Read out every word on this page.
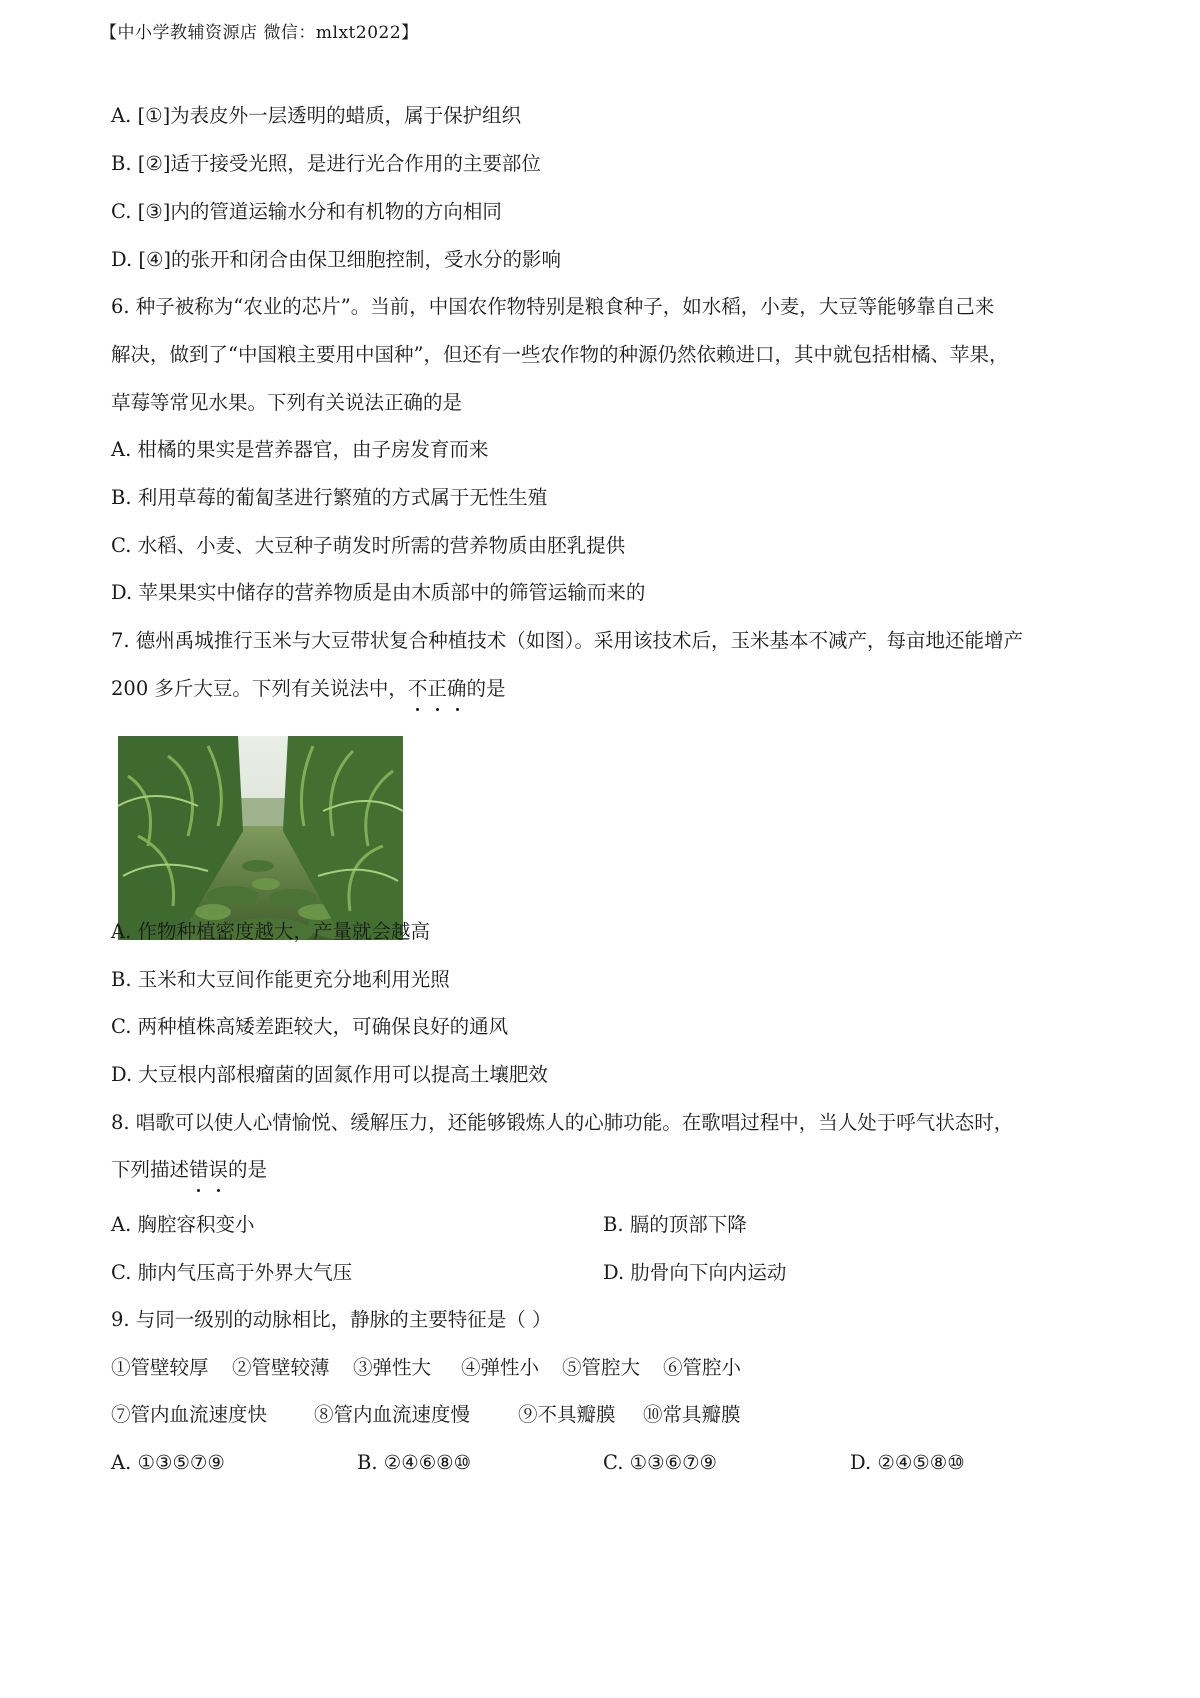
【中小学教辅资源店 微信：mlxt2022】
A. [①]为表皮外一层透明的蜡质，属于保护组织
B. [②]适于接受光照，是进行光合作用的主要部位
C. [③]内的管道运输水分和有机物的方向相同
D. [④]的张开和闭合由保卫细胞控制，受水分的影响
6. 种子被称为“农业的芯片”。当前，中国农作物特别是粮食种子，如水稻，小麦，大豆等能够靠自己来
解决，做到了“中国粮主要用中国种”，但还有一些农作物的种源仍然依赖进口，其中就包括柑橘、苹果，
草莓等常见水果。下列有关说法正确的是
A. 柑橘的果实是营养器官，由子房发育而来
B. 利用草莓的葡匐茎进行繁殖的方式属于无性生殖
C. 水稻、小麦、大豆种子萌发时所需的营养物质由胚乳提供
D. 苹果果实中储存的营养物质是由木质部中的筛管运输而来的
7. 德州禹城推行玉米与大豆带状复合种植技术（如图）。采用该技术后，玉米基本不减产，每亩地还能增产
200 多斤大豆。下列有关说法中，不正确
的是
A. 作物种植密度越大，产量就会越高
B. 玉米和大豆间作能更充分地利用光照
C. 两种植株高矮差距较大，可确保良好的通风
D. 大豆根内部根瘤菌的固氮作用可以提高土壤肥效
8. 唱歌可以使人心情愉悦、缓解压力，还能够锻炼人的心肺功能。在歌唱过程中，当人处于呼气状态时，
下列描述错误
的是
A. 胸腔容积变小	B. 膈的顶部下降
C. 肺内气压高于外界大气压	D. 肋骨向下向内运动
9. 与同一级别的动脉相比，静脉的主要特征是（ ）
①管壁较厚 ②管壁较薄 ③弹性大 ④弹性小 ⑤管腔大 ⑥管腔小
⑦管内血流速度快 ⑧管内血流速度慢 ⑨不具瓣膜 ⑩常具瓣膜
A. ①③⑤⑦⑨	B. ②④⑥⑧⑩	C. ①③⑥⑦⑨	D. ②④⑤⑧⑩
